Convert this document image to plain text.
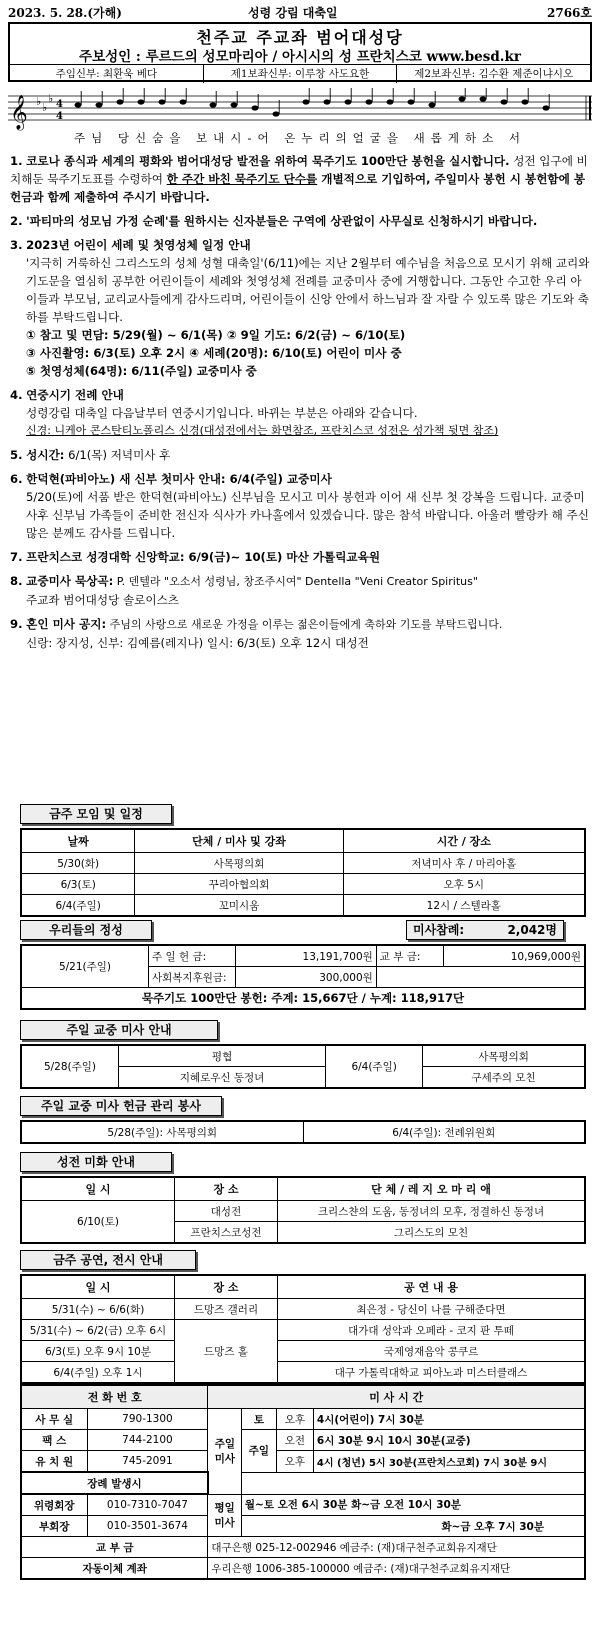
2023. 5. 28.(가해)	성령 강림 대축일	2766호
천주교 주교좌 범어대성당
주보성인 : 루르드의 성모마리아 / 아시시의 성 프란치스코 www.besd.kr
주임신부: 최환욱 베다	제1보좌신부: 이루창 사도요한	제2보좌신부: 김수환 제준이냐시오
𝄞 ♭ ♭
♭ 4
4
주님 당신숨을 보내시-어 온누리의얼굴을 새롭게하소 서
1. 코로나 종식과 세계의 평화와 범어대성당 발전을 위하여 묵주기도 100만단 봉헌을 실시합니다. 성전 입구에 비치해둔 묵주기도표를 수령하여 한 주간 바친 묵주기도 단수를 개별적으로 기입하여, 주일미사 봉헌 시 봉헌함에 봉헌금과 함께 제출하여 주시기 바랍니다.
2. '파티마의 성모님 가정 순례'를 원하시는 신자분들은 구역에 상관없이 사무실로 신청하시기 바랍니다.
3. 2023년 어린이 세례 및 첫영성체 일정 안내

'지극히 거룩하신 그리스도의 성체 성혈 대축일'(6/11)에는 지난 2월부터 예수님을 처음으로 모시기 위해 교리와 기도문을 열심히 공부한 어린이들이 세례와 첫영성체 전례를 교중미사 중에 거행합니다. 그동안 수고한 우리 아이들과 부모님, 교리교사들에게 감사드리며, 어린이들이 신앙 안에서 하느님과 잘 자랄 수 있도록 많은 기도와 축하를 부탁드립니다.

① 참고 및 면담: 5/29(월) ~ 6/1(목) ② 9일 기도: 6/2(금) ~ 6/10(토)

③ 사진촬영: 6/3(토) 오후 2시 ④ 세례(20명): 6/10(토) 어린이 미사 중

⑤ 첫영성체(64명): 6/11(주일) 교중미사 중

4. 연중시기 전례 안내

성령강림 대축일 다음날부터 연중시기입니다. 바뀌는 부분은 아래와 같습니다.

신경: 니케아 콘스탄티노폴리스 신경(대성전에서는 화면참조, 프란치스코 성전은 성가책 뒷면 참조)

5. 성시간: 6/1(목) 저녁미사 후
6. 한덕현(파비아노) 새 신부 첫미사 안내: 6/4(주일) 교중미사

5/20(토)에 서품 받은 한덕현(파비아노) 신부님을 모시고 미사 봉헌과 이어 새 신부 첫 강복을 드립니다. 교중미사후 신부님 가족들이 준비한 전신자 식사가 카나홀에서 있겠습니다. 많은 참석 바랍니다. 아울러 빨랑카 해 주신 많은 분께도 감사를 드립니다.

7. 프란치스코 성경대학 신앙학교: 6/9(금)~ 10(토) 마산 가톨릭교육원
8. 교중미사 묵상곡: P. 덴텔라 "오소서 성령님, 창조주시여" Dentella "Veni Creator Spiritus"

주교좌 범어대성당 솔로이스츠

9. 혼인 미사 공지: 주님의 사랑으로 새로운 가정을 이루는 젊은이들에게 축하와 기도를 부탁드립니다.

신랑: 장지성, 신부: 김예름(레지나) 일시: 6/3(토) 오후 12시 대성전

금주 모임 및 일정
날짜	단체 / 미사 및 강좌	시간 / 장소
5/30(화)	사목평의회	저녁미사 후 / 마리아홀
6/3(토)	꾸리아협의회	오후 5시
6/4(주일)	꼬미시움	12시 / 스텔라홀
우리들의 정성	미사참례:	2,042명
5/21(주일)	주 일 헌 금:	13,191,700원	교 부 금:	10,969,000원
	사회복지후원금:	300,000원		
묵주기도 100만단 봉헌: 주계: 15,667단 / 누계: 118,917단				
주일 교중 미사 안내
5/28(주일)	평협	6/4(주일)	사목평의회
	지혜로우신 동정녀		구세주의 모친
주일 교중 미사 헌금 관리 봉사
5/28(주일): 사목평의회	6/4(주일): 전례위원회
성전 미화 안내
일 시	장 소	단 체 / 레 지 오 마 리 애
6/10(토)	대성전	크리스챤의 도움, 동정녀의 모후, 정결하신 동정녀
	프란치스코성전	그리스도의 모친
금주 공연, 전시 안내
일 시	장 소	공 연 내 용
5/31(수) ~ 6/6(화)	드망즈 갤러리	최은정 - 당신이 나를 구해준다면
5/31(수) ~ 6/2(금) 오후 6시	드망즈 홀	대가대 성악과 오페라 - 코지 판 투떼
6/3(토) 오후 9시 10분		국제영재음악 콩쿠르
6/4(주일) 오후 1시		대구 가톨릭대학교 피아노과 미스터클래스
전 화 번 호		미 사 시 간			
사 무 실	790-1300	주일 미사	토	오후	4시(어린이) 7시 30분
팩 스	744-2100		주일	오전	6시 30분 9시 10시 30분(교중)
유 치 원	745-2091			오후	4시 (청년) 5시 30분(프란치스코회) 7시 30분 9시
장례 발생시					
위령회장	010-7310-7047	평일 미사	월~토 오전 6시 30분 화~금 오전 10시 30분		
부회장	010-3501-3674		화~금 오후 7시 30분		
교 부 금		대구은행 025-12-002946 예금주: (재)대구천주교회유지재단			
자동이체 계좌		우리은행 1006-385-100000 예금주: (재)대구천주교회유지재단			
